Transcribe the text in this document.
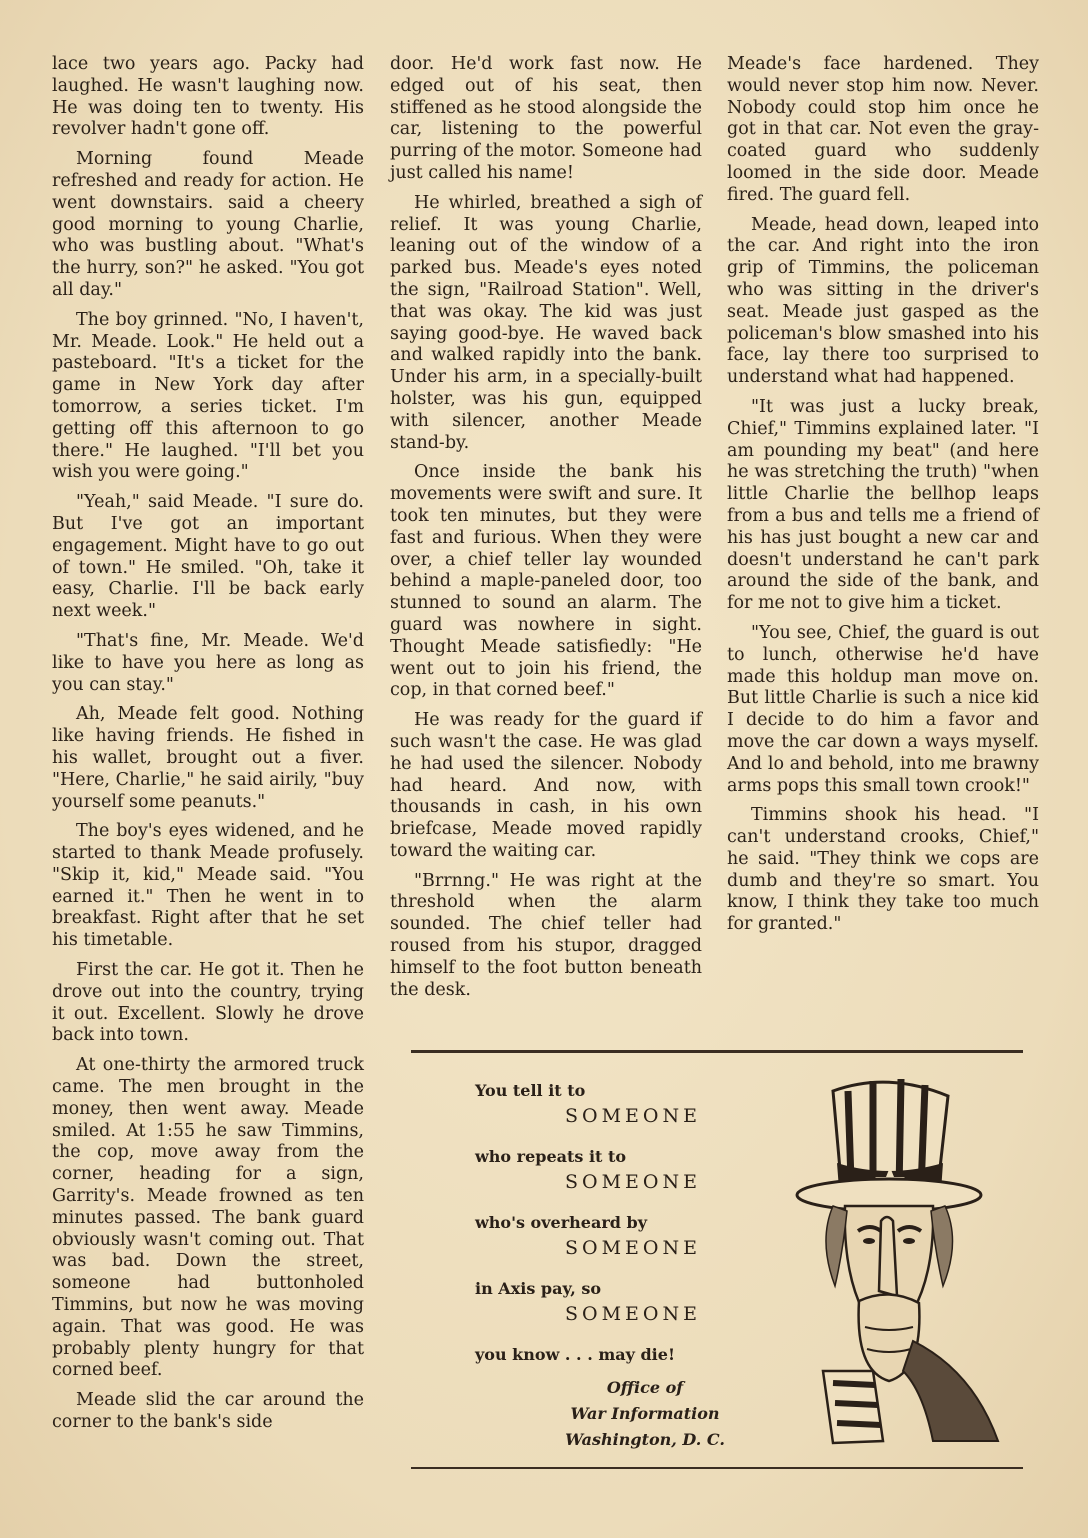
lace two years ago. Packy had laughed. He wasn't laughing now. He was doing ten to twenty. His revolver hadn't gone off.

Morning found Meade refreshed and ready for action. He went downstairs. said a cheery good morning to young Charlie, who was bustling about. "What's the hurry, son?" he asked. "You got all day."

The boy grinned. "No, I haven't, Mr. Meade. Look." He held out a pasteboard. "It's a ticket for the game in New York day after tomorrow, a series ticket. I'm getting off this afternoon to go there." He laughed. "I'll bet you wish you were going."

"Yeah," said Meade. "I sure do. But I've got an important engagement. Might have to go out of town." He smiled. "Oh, take it easy, Charlie. I'll be back early next week."

"That's fine, Mr. Meade. We'd like to have you here as long as you can stay."

Ah, Meade felt good. Nothing like having friends. He fished in his wallet, brought out a fiver. "Here, Charlie," he said airily, "buy yourself some peanuts."

The boy's eyes widened, and he started to thank Meade profusely. "Skip it, kid," Meade said. "You earned it." Then he went in to breakfast. Right after that he set his timetable.

First the car. He got it. Then he drove out into the country, trying it out. Excellent. Slowly he drove back into town.

At one-thirty the armored truck came. The men brought in the money, then went away. Meade smiled. At 1:55 he saw Timmins, the cop, move away from the corner, heading for a sign, Garrity's. Meade frowned as ten minutes passed. The bank guard obviously wasn't coming out. That was bad. Down the street, someone had buttonholed Timmins, but now he was moving again. That was good. He was probably plenty hungry for that corned beef.

Meade slid the car around the corner to the bank's side

door. He'd work fast now. He edged out of his seat, then stiffened as he stood alongside the car, listening to the powerful purring of the motor. Someone had just called his name!

He whirled, breathed a sigh of relief. It was young Charlie, leaning out of the window of a parked bus. Meade's eyes noted the sign, "Railroad Station". Well, that was okay. The kid was just saying good-bye. He waved back and walked rapidly into the bank. Under his arm, in a specially-built holster, was his gun, equipped with silencer, another Meade stand-by.

Once inside the bank his movements were swift and sure. It took ten minutes, but they were fast and furious. When they were over, a chief teller lay wounded behind a maple-paneled door, too stunned to sound an alarm. The guard was nowhere in sight. Thought Meade satisfiedly: "He went out to join his friend, the cop, in that corned beef."

He was ready for the guard if such wasn't the case. He was glad he had used the silencer. Nobody had heard. And now, with thousands in cash, in his own briefcase, Meade moved rapidly toward the waiting car.

"Brrnng." He was right at the threshold when the alarm sounded. The chief teller had roused from his stupor, dragged himself to the foot button beneath the desk.

Meade's face hardened. They would never stop him now. Never. Nobody could stop him once he got in that car. Not even the gray-coated guard who suddenly loomed in the side door. Meade fired. The guard fell.

Meade, head down, leaped into the car. And right into the iron grip of Timmins, the policeman who was sitting in the driver's seat. Meade just gasped as the policeman's blow smashed into his face, lay there too surprised to understand what had happened.

"It was just a lucky break, Chief," Timmins explained later. "I am pounding my beat" (and here he was stretching the truth) "when little Charlie the bellhop leaps from a bus and tells me a friend of his has just bought a new car and doesn't understand he can't park around the side of the bank, and for me not to give him a ticket.

"You see, Chief, the guard is out to lunch, otherwise he'd have made this holdup man move on. But little Charlie is such a nice kid I decide to do him a favor and move the car down a ways myself. And lo and behold, into me brawny arms pops this small town crook!"

Timmins shook his head. "I can't understand crooks, Chief," he said. "They think we cops are dumb and they're so smart. You know, I think they take too much for granted."

You tell it to

SOMEONE

who repeats it to

SOMEONE

who's overheard by

SOMEONE

in Axis pay, so

SOMEONE

you know . . . may die!

Office of
War Information
Washington, D. C.
